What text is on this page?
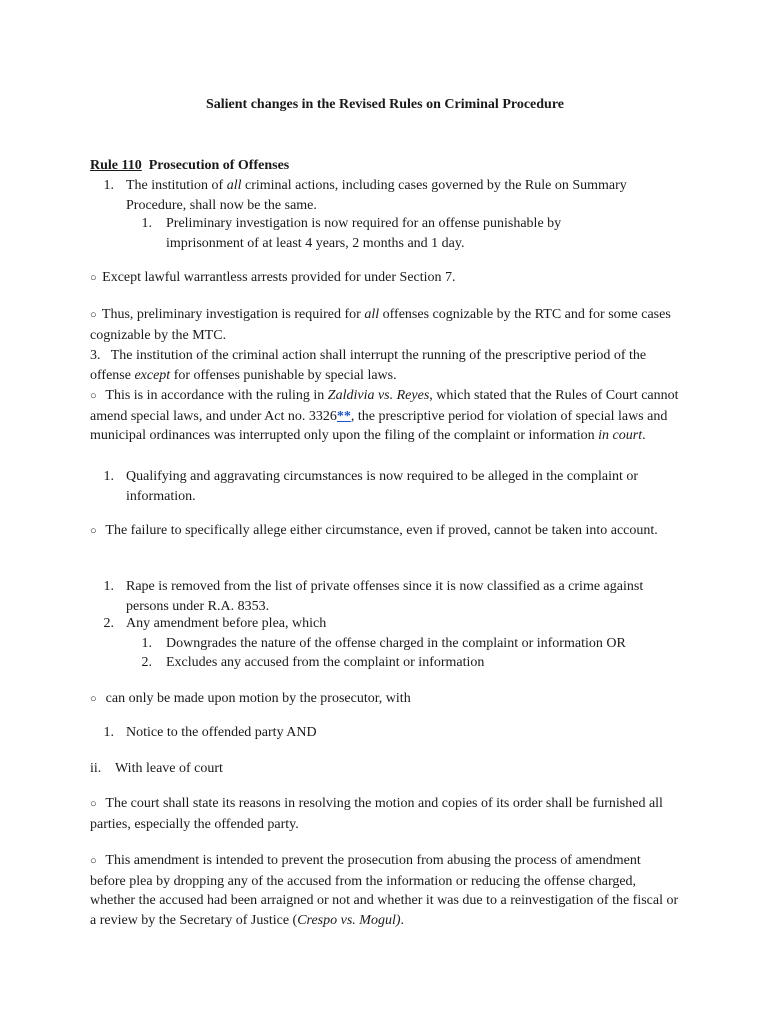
Salient changes in the Revised Rules on Criminal Procedure
Rule 110 Prosecution of Offenses
1. The institution of all criminal actions, including cases governed by the Rule on Summary Procedure, shall now be the same.
1. Preliminary investigation is now required for an offense punishable by imprisonment of at least 4 years, 2 months and 1 day.
○ Except lawful warrantless arrests provided for under Section 7.
○ Thus, preliminary investigation is required for all offenses cognizable by the RTC and for some cases cognizable by the MTC.
3. The institution of the criminal action shall interrupt the running of the prescriptive period of the offense except for offenses punishable by special laws.
○ This is in accordance with the ruling in Zaldivia vs. Reyes, which stated that the Rules of Court cannot amend special laws, and under Act no. 3326**, the prescriptive period for violation of special laws and municipal ordinances was interrupted only upon the filing of the complaint or information in court.
1. Qualifying and aggravating circumstances is now required to be alleged in the complaint or information.
○ The failure to specifically allege either circumstance, even if proved, cannot be taken into account.
1. Rape is removed from the list of private offenses since it is now classified as a crime against persons under R.A. 8353.
2. Any amendment before plea, which
1. Downgrades the nature of the offense charged in the complaint or information OR
2. Excludes any accused from the complaint or information
○ can only be made upon motion by the prosecutor, with
1. Notice to the offended party AND
ii. With leave of court
○ The court shall state its reasons in resolving the motion and copies of its order shall be furnished all parties, especially the offended party.
○ This amendment is intended to prevent the prosecution from abusing the process of amendment before plea by dropping any of the accused from the information or reducing the offense charged, whether the accused had been arraigned or not and whether it was due to a reinvestigation of the fiscal or a review by the Secretary of Justice (Crespo vs. Mogul).
